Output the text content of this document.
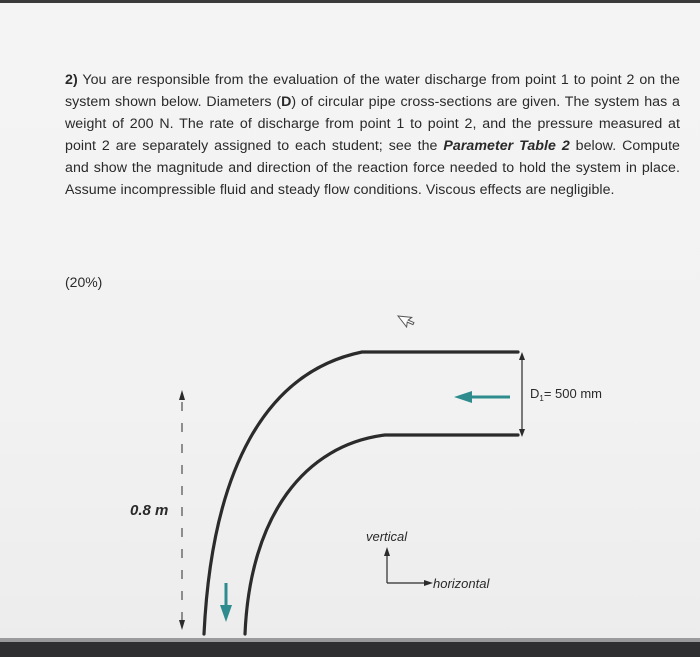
2) You are responsible from the evaluation of the water discharge from point 1 to point 2 on the system shown below. Diameters (D) of circular pipe cross-sections are given. The system has a weight of 200 N. The rate of discharge from point 1 to point 2, and the pressure measured at point 2 are separately assigned to each student; see the Parameter Table 2 below. Compute and show the magnitude and direction of the reaction force needed to hold the system in place. Assume incompressible fluid and steady flow conditions. Viscous effects are negligible.
(20%)
$D_1= 500$ mm
0.8 m
vertical
horizontal
